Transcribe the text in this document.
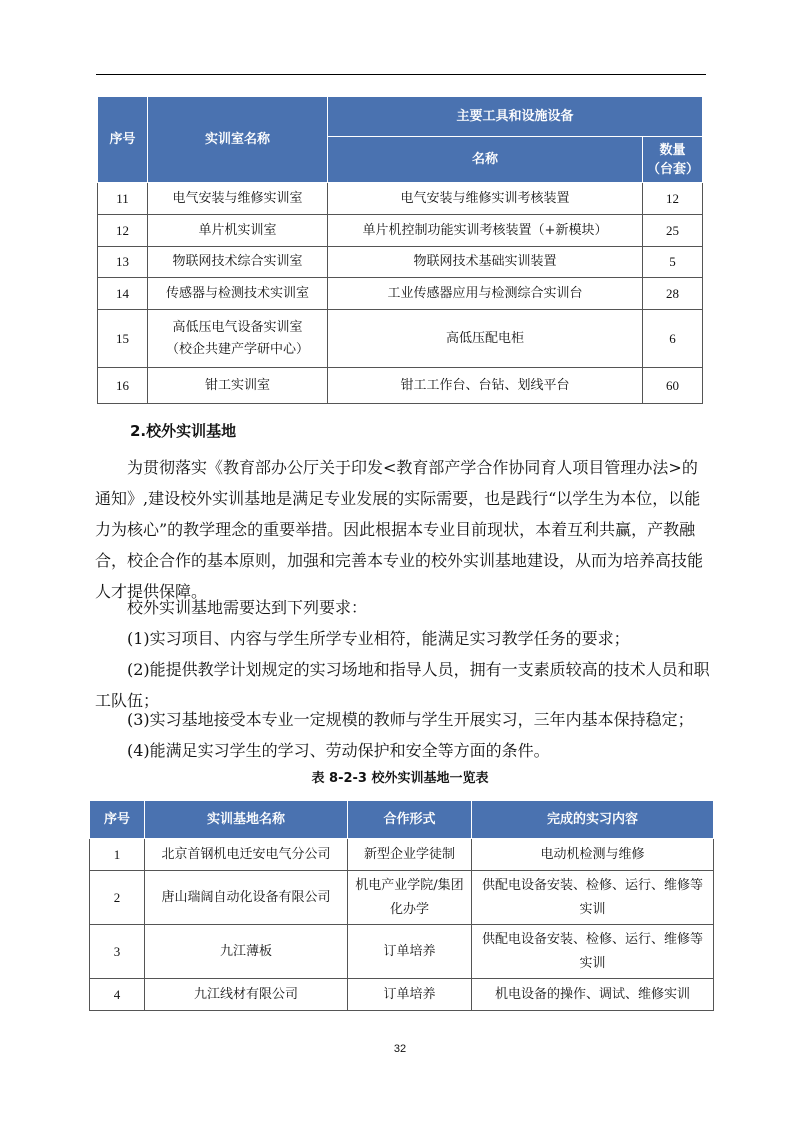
序号	实训室名称	主要工具和设施设备	
		名称	数量
（台套）
11	电气安装与维修实训室	电气安装与维修实训考核装置	12
12	单片机实训室	单片机控制功能实训考核装置（+新模块）	25
13	物联网技术综合实训室	物联网技术基础实训装置	5
14	传感器与检测技术实训室	工业传感器应用与检测综合实训台	28
15	高低压电气设备实训室
（校企共建产学研中心）	高低压配电柜	6
16	钳工实训室	钳工工作台、台钻、划线平台	60
2.校外实训基地
为贯彻落实《教育部办公厅关于印发<教育部产学合作协同育人项目管理办法>的通知》,建设校外实训基地是满足专业发展的实际需要，也是践行“以学生为本位，以能力为核心”的教学理念的重要举措。因此根据本专业目前现状，本着互利共赢，产教融合，校企合作的基本原则，加强和完善本专业的校外实训基地建设，从而为培养高技能人才提供保障。
校外实训基地需要达到下列要求：
(1)实习项目、内容与学生所学专业相符，能满足实习教学任务的要求；
(2)能提供教学计划规定的实习场地和指导人员，拥有一支素质较高的技术人员和职工队伍；
(3)实习基地接受本专业一定规模的教师与学生开展实习，三年内基本保持稳定；
(4)能满足实习学生的学习、劳动保护和安全等方面的条件。
表 8-2-3 校外实训基地一览表
序号	实训基地名称	合作形式	完成的实习内容
1	北京首钢机电迁安电气分公司	新型企业学徒制	电动机检测与维修
2	唐山瑞阔自动化设备有限公司	机电产业学院/集团化办学	供配电设备安装、检修、运行、维修等实训
3	九江薄板	订单培养	供配电设备安装、检修、运行、维修等实训
4	九江线材有限公司	订单培养	机电设备的操作、调试、维修实训
32
